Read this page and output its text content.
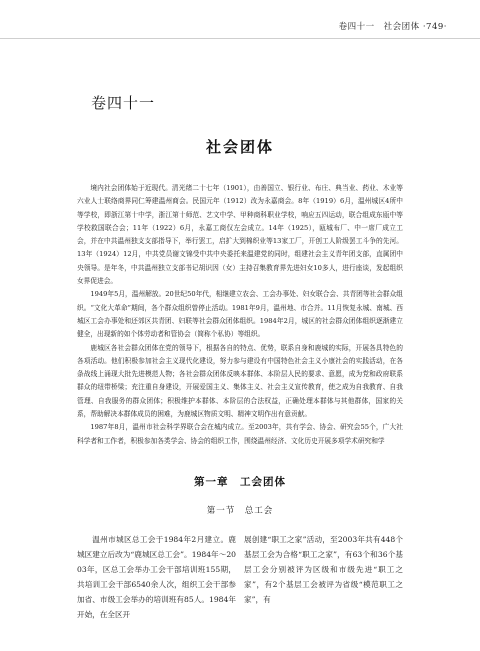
卷四十一　社会团体 ·749·
卷四十一
社会团体

境内社会团体始于近现代。清光绪二十七年（1901），由善国立、银行业、布庄、典当业、药业、木业等六业人士联络商界同仁筹建温州商会。民国元年（1912）改为永嘉商会。8年（1919）6月，温州城区4所中等学校，即浙江第十中学，浙江第十师范、艺文中学、甲种商科职业学校，响应五四运动，联合组成东瓯中等学校救国联合会；11年（1922）6月，永嘉工商仅左会成立。14年（1925），瓯城布厂、中一席厂成立工会，并在中共温州独支支部指导下，举行罢工，启扩大到棉织业等13家工厂，开创工人阶级罢工斗争的先河。13年（1924）12月，中共党员谢文锦受中共中央委托来温建党的同时，组建社会主义青年团支部，直属团中央领导。是年冬，中共温州独立支部书记胡识因（女）主持召集教育界先进妇女10多人，进行座谈，发起组织女界促进会。

1949年5月，温州解放。20世纪50年代，相继建立农会、工会办事处、妇女联合会、共青团等社会群众组织。“文化大革命”期间，各个群众组织曾停止活动。1981年9月，温州地、市合并。11月恢复永城、南城、西城区工会办事处和还郊区共青团、妇联等社会群众团体组织。1984年2月，城区的社会群众团体组织逐渐建立健全，出现新的如个体劳动者和管协会（简称个私协）等组织。

鹿城区各社会群众团体在党的领导下，根据各自的特点、优势，联系自身和鹿城的实际，开展各具特色的各项活动。他们积极参加社会主义现代化建设，努力参与建设有中国特色社会主义小康社会的实践活动，在各条战线上涌现大批先进模范人物；各社会群众团体反映本群体、本阶层人民的要求、意愿，成为党和政府联系群众的纽带桥梁；充注重自身建设，开展爱国主义、集体主义、社会主义宣传教育，使之成为自我教育、自我管理、自我服务的群众团体；积极维护本群体、本阶层的合法权益，正确处理本群体与其他群体，国家的关系，帮助解决本群体成员的困难，为鹿城区物质文明、精神文明作出有意贡献。

1987年8月，温州市社会科学界联合会在城内成立。至2003年，共有学会、协会、研究会55个，广大社科学者和工作者，积极参加各类学会、协会的组织工作，围绕温州经济、文化历史开展多项学术研究和学

第一章　工会团体
第一节　总工会

温州市城区总工会于1984年2月建立。鹿城区建立后改为“鹿城区总工会”。1984年～2003年，区总工会举办工会干部培训班155期，共培训工会干部6540余人次，组织工会干部参加省、市级工会举办的培训班有85人。1984年开始，在全区开

展创建“职工之家”活动，至2003年共有448个基层工会为合格“职工之家”，有63个和36个基层工会分别被评为区级和市级先进“职工之家”，有2个基层工会被评为省级“模范职工之家”，有
